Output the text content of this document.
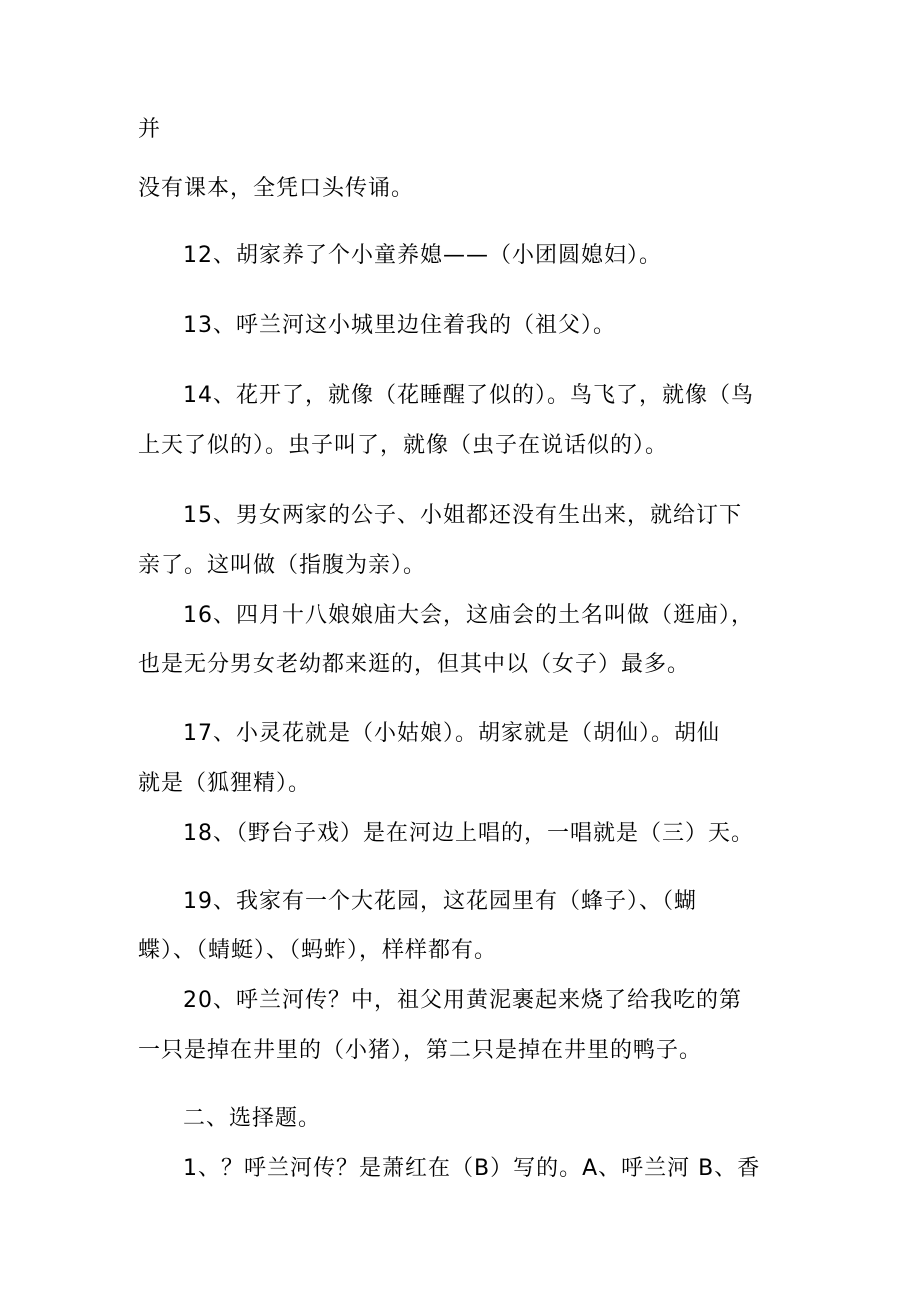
并
没有课本，全凭口头传诵。
12、胡家养了个小童养媳——（小团圆媳妇）。
13、呼兰河这小城里边住着我的（祖父）。
14、花开了，就像（花睡醒了似的）。鸟飞了，就像（鸟
上天了似的）。虫子叫了，就像（虫子在说话似的）。
15、男女两家的公子、小姐都还没有生出来，就给订下
亲了。这叫做（指腹为亲）。
16、四月十八娘娘庙大会，这庙会的土名叫做（逛庙），
也是无分男女老幼都来逛的，但其中以（女子）最多。
17、小灵花就是（小姑娘）。胡家就是（胡仙）。胡仙
就是（狐狸精）。
18、（野台子戏）是在河边上唱的，一唱就是（三）天。
19、我家有一个大花园，这花园里有（蜂子）、（蝴
蝶）、（蜻蜓）、（蚂蚱），样样都有。
20、呼兰河传？中，祖父用黄泥裹起来烧了给我吃的第
一只是掉在井里的（小猪），第二只是掉在井里的鸭子。
二、选择题。
1、？呼兰河传？是萧红在（B）写的。A、呼兰河 B、香
